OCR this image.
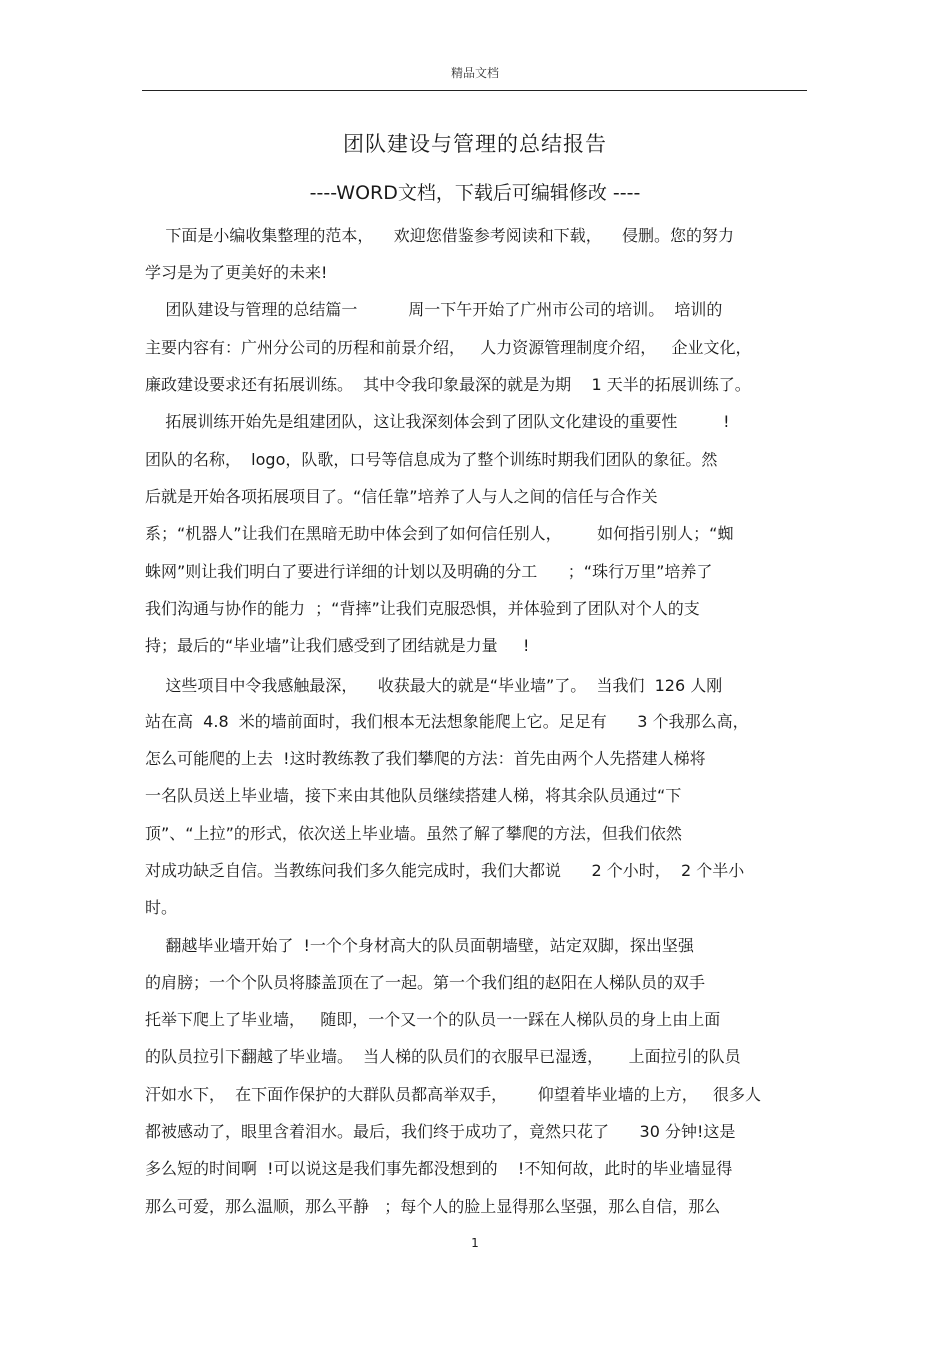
精品文档
团队建设与管理的总结报告
----WORD文档，下载后可编辑修改 ----
下面是小编收集整理的范本，    欢迎您借鉴参考阅读和下载，    侵删。您的努力
学习是为了更美好的未来!
团队建设与管理的总结篇一          周一下午开始了广州市公司的培训。  培训的
主要内容有：广州分公司的历程和前景介绍，   人力资源管理制度介绍，   企业文化，
廉政建设要求还有拓展训练。  其中令我印象最深的就是为期    1 天半的拓展训练了。
拓展训练开始先是组建团队，这让我深刻体会到了团队文化建设的重要性         !
团队的名称，  logo，队歌，口号等信息成为了整个训练时期我们团队的象征。然
后就是开始各项拓展项目了。“信任靠”培养了人与人之间的信任与合作关
系；“机器人”让我们在黑暗无助中体会到了如何信任别人，       如何指引别人；“蜘
蛛网”则让我们明白了要进行详细的计划以及明确的分工      ；“珠行万里”培养了
我们沟通与协作的能力  ；“背摔”让我们克服恐惧，并体验到了团队对个人的支
持；最后的“毕业墙”让我们感受到了团结就是力量     !
这些项目中令我感触最深，    收获最大的就是“毕业墙”了。  当我们  126 人刚
站在高  4.8  米的墙前面时，我们根本无法想象能爬上它。足足有      3 个我那么高，
怎么可能爬的上去  !这时教练教了我们攀爬的方法：首先由两个人先搭建人梯将
一名队员送上毕业墙，接下来由其他队员继续搭建人梯，将其余队员通过“下
顶”、“上拉”的形式，依次送上毕业墙。虽然了解了攀爬的方法，但我们依然
对成功缺乏自信。当教练问我们多久能完成时，我们大都说      2 个小时，  2 个半小
时。
翻越毕业墙开始了  !一个个身材高大的队员面朝墙壁，站定双脚，探出坚强
的肩膀；一个个队员将膝盖顶在了一起。第一个我们组的赵阳在人梯队员的双手
托举下爬上了毕业墙，   随即，一个又一个的队员一一踩在人梯队员的身上由上面
的队员拉引下翻越了毕业墙。  当人梯的队员们的衣服早已湿透，     上面拉引的队员
汗如水下，  在下面作保护的大群队员都高举双手，      仰望着毕业墙的上方，   很多人
都被感动了，眼里含着泪水。最后，我们终于成功了，竟然只花了      30 分钟!这是
多么短的时间啊  !可以说这是我们事先都没想到的    !不知何故，此时的毕业墙显得
那么可爱，那么温顺，那么平静   ；每个人的脸上显得那么坚强，那么自信，那么
1
